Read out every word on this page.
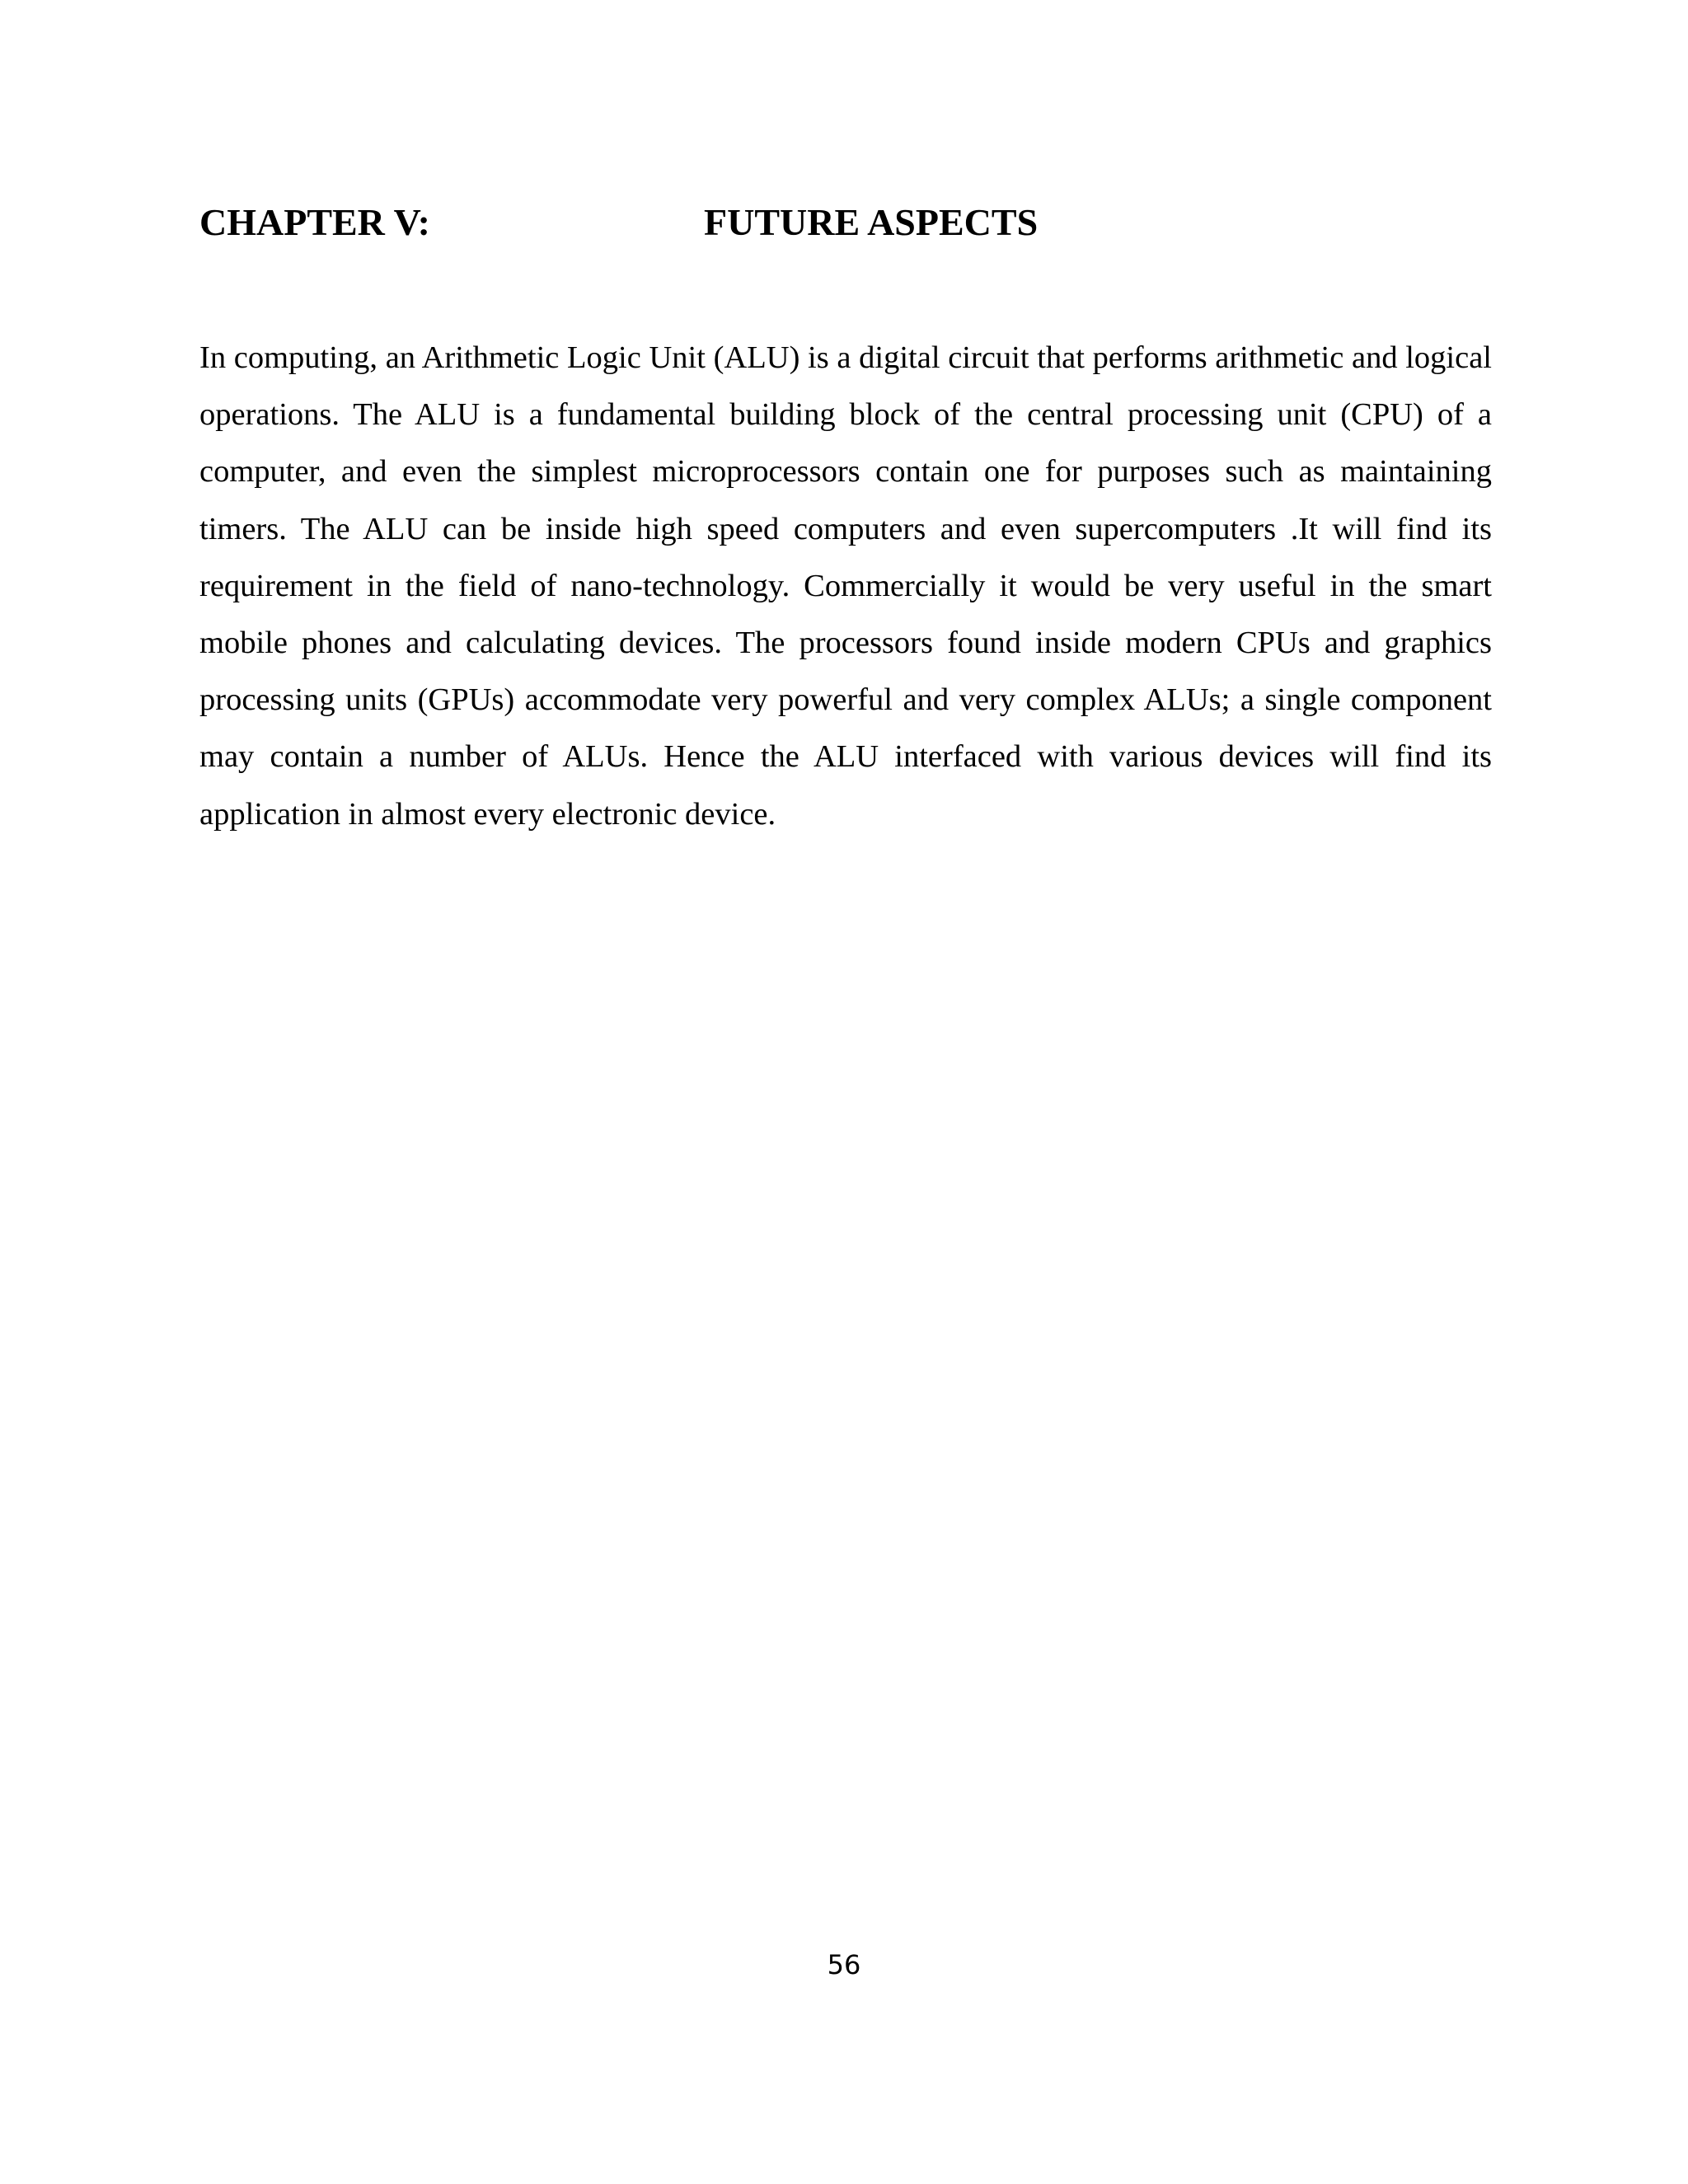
CHAPTER V:	FUTURE ASPECTS

In computing, an Arithmetic Logic Unit (ALU) is a digital circuit that performs arithmetic and logical operations. The ALU is a fundamental building block of the central processing unit (CPU) of a computer, and even the simplest microprocessors contain one for purposes such as maintaining timers. The ALU can be inside high speed computers and even supercomputers .It will find its requirement in the field of nano-technology. Commercially it would be very useful in the smart mobile phones and calculating devices. The processors found inside modern CPUs and graphics processing units (GPUs) accommodate very powerful and very complex ALUs; a single component may contain a number of ALUs. Hence the ALU interfaced with various devices will find its application in almost every electronic device.

56
